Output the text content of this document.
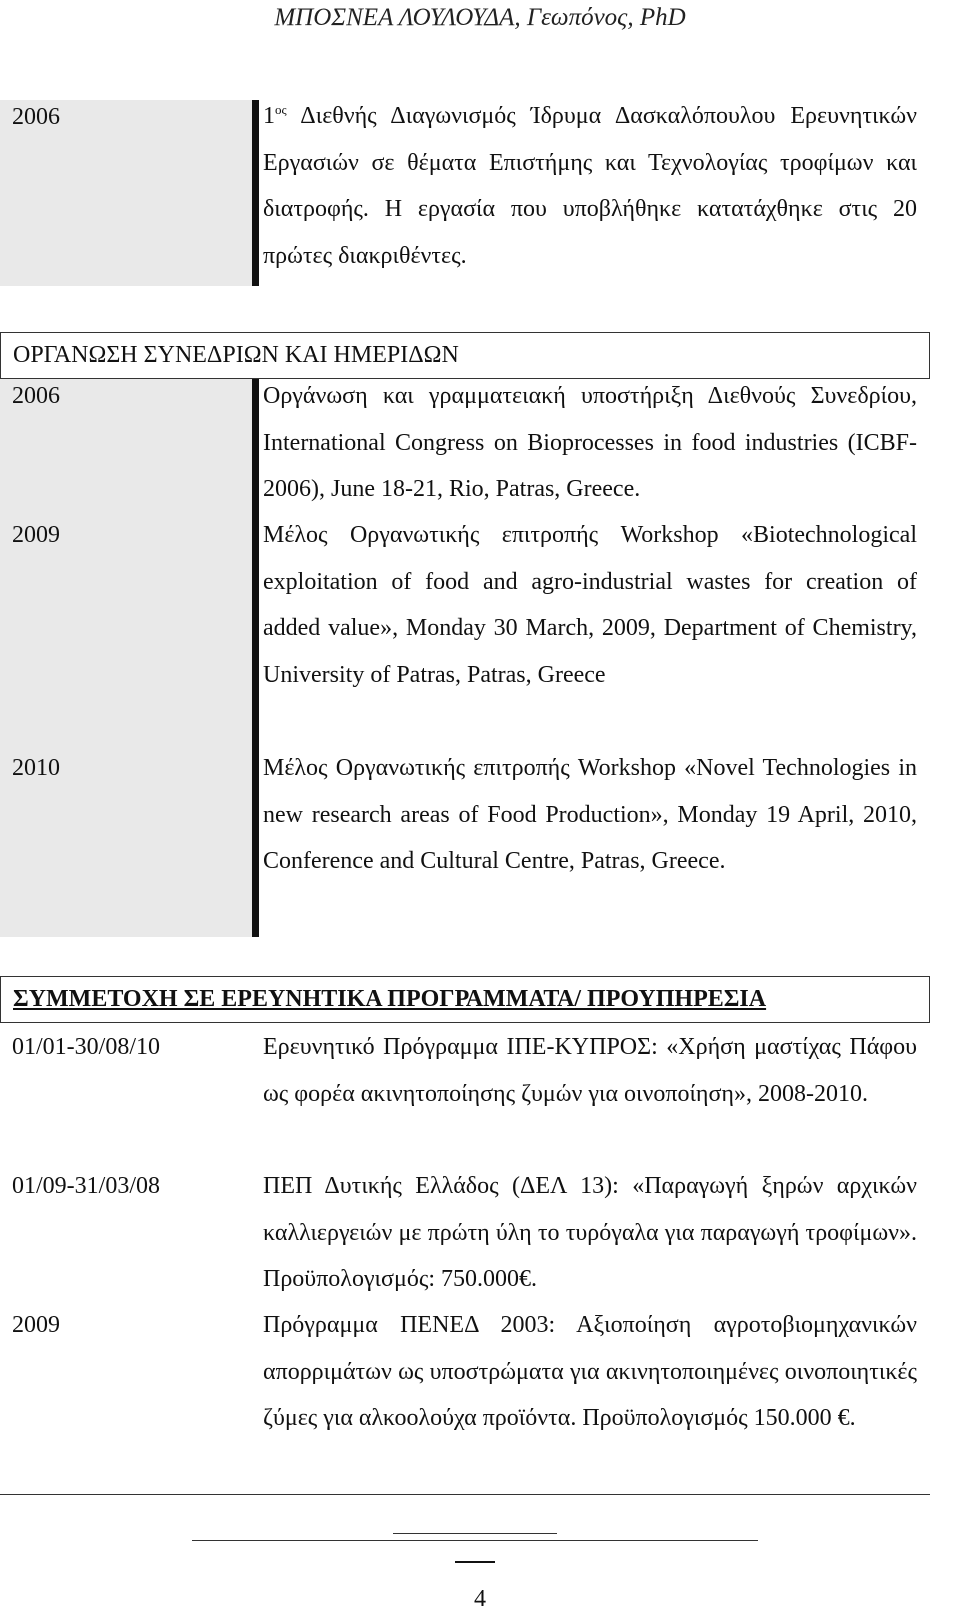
ΜΠΟΣΝΕΑ ΛΟΥΛΟΥΔΑ, Γεωπόνος, PhD
2006	$1^{o\varsigma}$ Διεθνής Διαγωνισμός Ίδρυμα Δασκαλόπουλου Ερευνητικών Εργασιών σε θέματα Επιστήμης και Τεχνολογίας τροφίμων και διατροφής. Η εργασία που υποβλήθηκε κατατάχθηκε στις 20 πρώτες διακριθέντες.
ΟΡΓΑΝΩΣΗ ΣΥΝΕΔΡΙΩΝ ΚΑΙ ΗΜΕΡΙΔΩΝ
2006	Οργάνωση και γραμματειακή υποστήριξη Διεθνούς Συνεδρίου, International Congress on Bioprocesses in food industries (ICBF-2006), June 18-21, Rio, Patras, Greece.

2009	Μέλος Οργανωτικής επιτροπής Workshop «Biotechnological exploitation of food and agro-industrial wastes for creation of added value», Monday 30 March, 2009, Department of Chemistry, University of Patras, Patras, Greece

2010	Μέλος Οργανωτικής επιτροπής Workshop «Novel Technologies in new research areas of Food Production», Monday 19 April, 2010, Conference and Cultural Centre, Patras, Greece.

ΣΥΜΜΕΤΟΧΗ ΣΕ ΕΡΕΥΝΗΤΙΚΑ ΠΡΟΓΡΑΜΜΑΤΑ/ ΠΡΟΥΠΗΡΕΣΙΑ
01/01-30/08/10	Ερευνητικό Πρόγραμμα ΙΠΕ-ΚΥΠΡΟΣ: «Χρήση μαστίχας Πάφου ως φορέα ακινητοποίησης ζυμών για οινοποίηση», 2008-2010.

01/09-31/03/08	ΠΕΠ Δυτικής Ελλάδος (ΔΕΛ 13): «Παραγωγή ξηρών αρχικών καλλιεργειών με πρώτη ύλη το τυρόγαλα για παραγωγή τροφίμων». Προϋπολογισμός: 750.000€.

2009	Πρόγραμμα ΠΕΝΕΔ 2003: Αξιοποίηση αγροτοβιομηχανικών απορριμάτων ως υποστρώματα για ακινητοποιημένες οινοποιητικές ζύμες για αλκοολούχα προϊόντα. Προϋπολογισμός 150.000 €.

4
